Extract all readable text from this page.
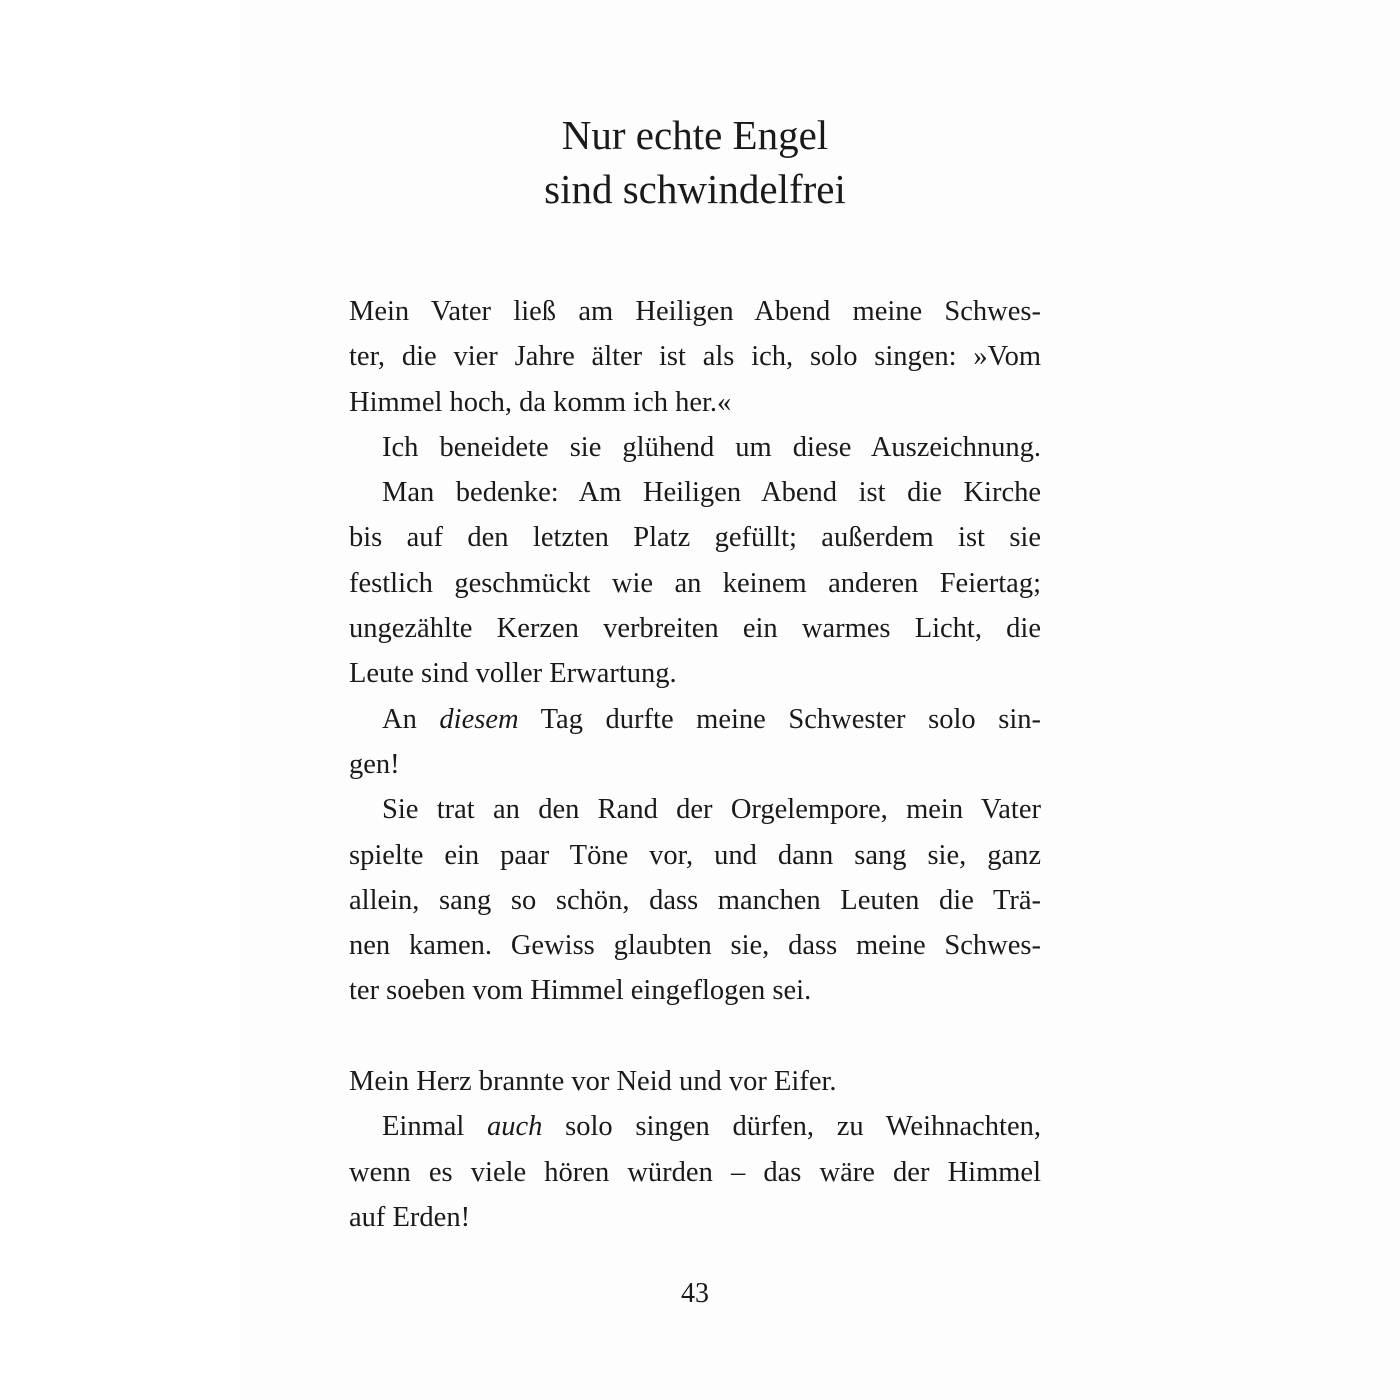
Nur echte Engel
sind schwindelfrei
Mein Vater ließ am Heiligen Abend meine Schwes-
ter, die vier Jahre älter ist als ich, solo singen: »Vom
Himmel hoch, da komm ich her.«
Ich beneidete sie glühend um diese Auszeichnung.
Man bedenke: Am Heiligen Abend ist die Kirche
bis auf den letzten Platz gefüllt; außerdem ist sie
festlich geschmückt wie an keinem anderen Feiertag;
ungezählte Kerzen verbreiten ein warmes Licht, die
Leute sind voller Erwartung.
An diesem Tag durfte meine Schwester solo sin-
gen!
Sie trat an den Rand der Orgelempore, mein Vater
spielte ein paar Töne vor, und dann sang sie, ganz
allein, sang so schön, dass manchen Leuten die Trä-
nen kamen. Gewiss glaubten sie, dass meine Schwes-
ter soeben vom Himmel eingeflogen sei.
Mein Herz brannte vor Neid und vor Eifer.
Einmal auch solo singen dürfen, zu Weihnachten,
wenn es viele hören würden – das wäre der Himmel
auf Erden!
43
